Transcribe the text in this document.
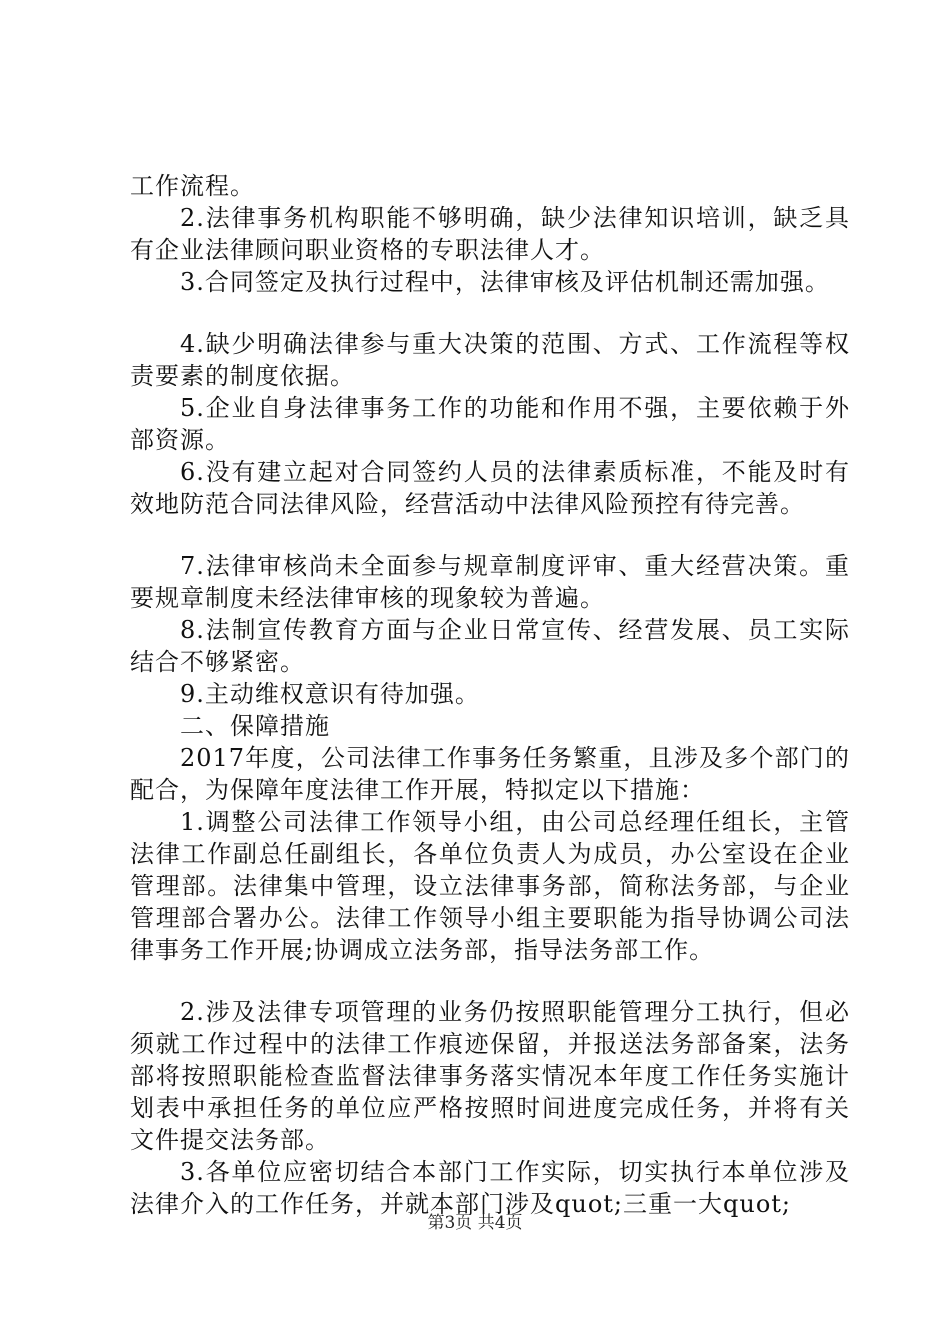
工作流程。

2.法律事务机构职能不够明确，缺少法律知识培训，缺乏具有企业法律顾问职业资格的专职法律人才。

3.合同签定及执行过程中，法律审核及评估机制还需加强。

4.缺少明确法律参与重大决策的范围、方式、工作流程等权责要素的制度依据。

5.企业自身法律事务工作的功能和作用不强，主要依赖于外部资源。

6.没有建立起对合同签约人员的法律素质标准，不能及时有效地防范合同法律风险，经营活动中法律风险预控有待完善。

7.法律审核尚未全面参与规章制度评审、重大经营决策。重要规章制度未经法律审核的现象较为普遍。

8.法制宣传教育方面与企业日常宣传、经营发展、员工实际结合不够紧密。

9.主动维权意识有待加强。

二、保障措施

2017年度，公司法律工作事务任务繁重，且涉及多个部门的配合，为保障年度法律工作开展，特拟定以下措施：

1.调整公司法律工作领导小组，由公司总经理任组长，主管法律工作副总任副组长，各单位负责人为成员，办公室设在企业管理部。法律集中管理，设立法律事务部，简称法务部，与企业管理部合署办公。法律工作领导小组主要职能为指导协调公司法律事务工作开展;协调成立法务部，指导法务部工作。

2.涉及法律专项管理的业务仍按照职能管理分工执行，但必须就工作过程中的法律工作痕迹保留，并报送法务部备案，法务部将按照职能检查监督法律事务落实情况本年度工作任务实施计划表中承担任务的单位应严格按照时间进度完成任务，并将有关文件提交法务部。

3.各单位应密切结合本部门工作实际，切实执行本单位涉及法律介入的工作任务，并就本部门涉及quot;三重一大quot;

第3页 共4页
